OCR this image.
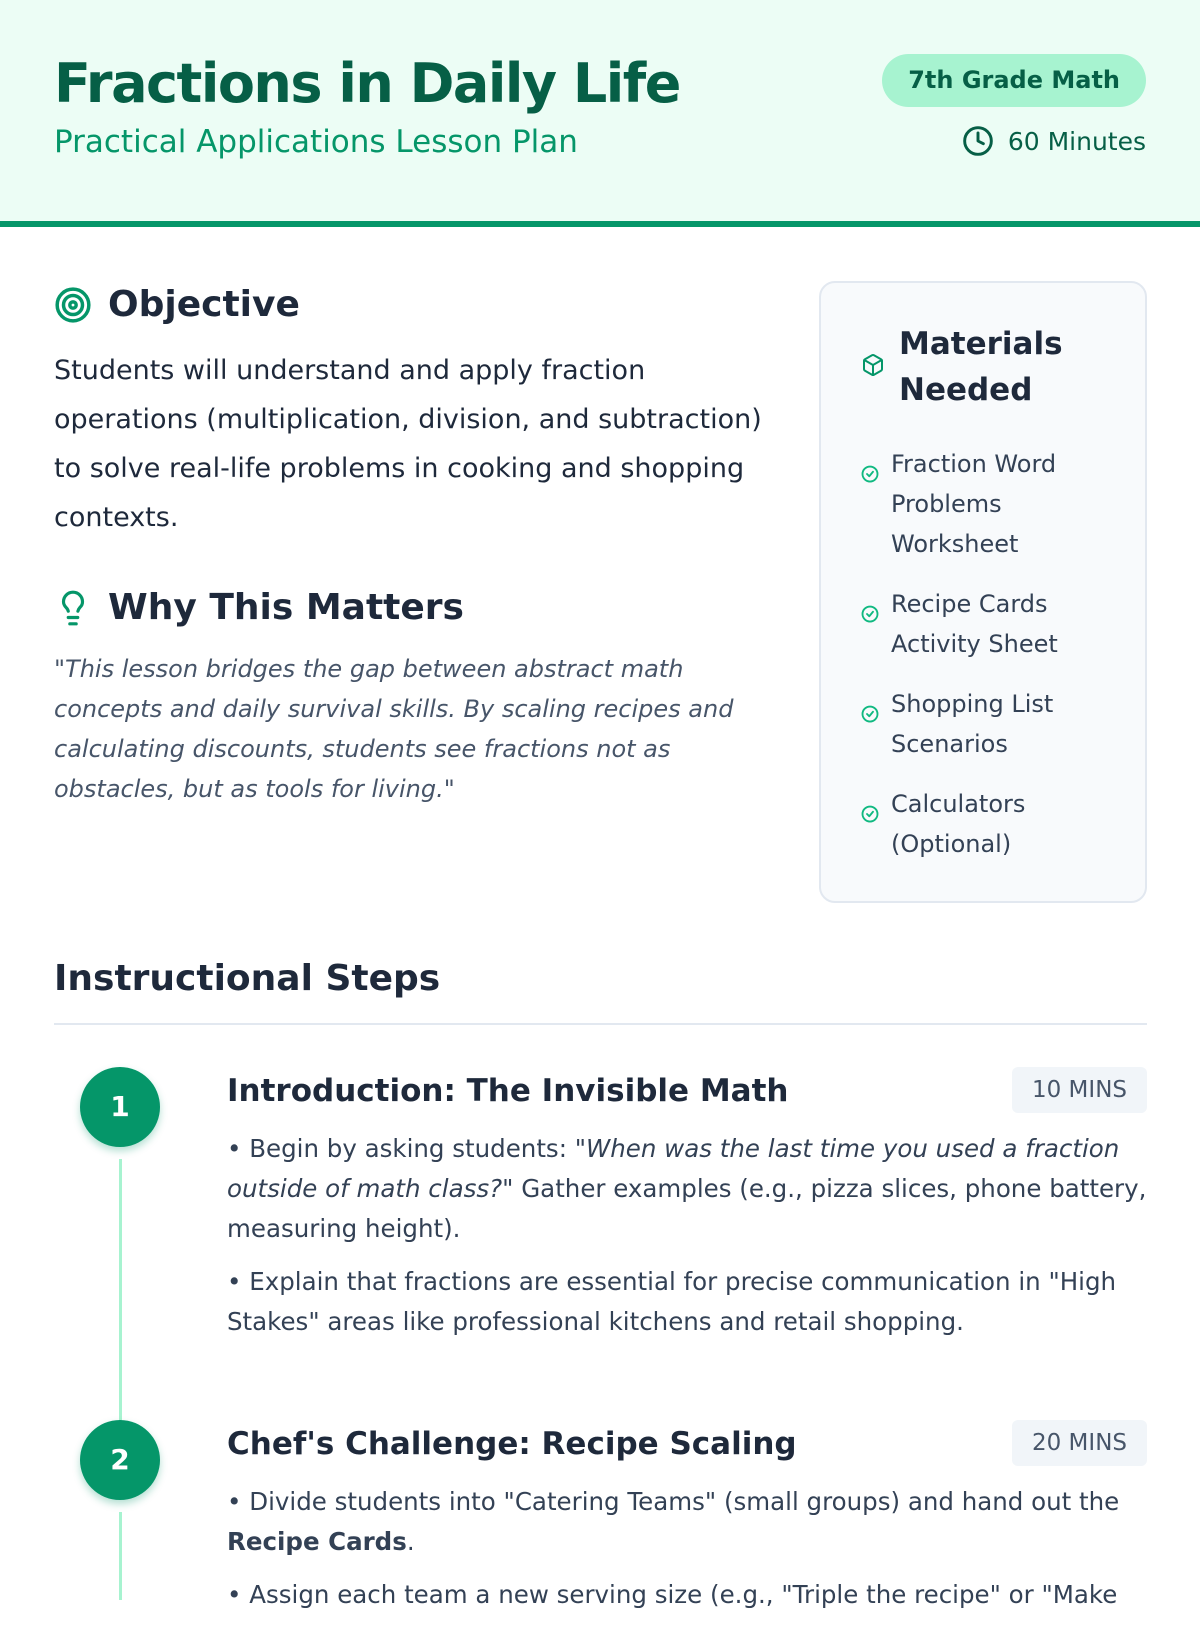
Fractions in Daily Life
Practical Applications Lesson Plan
7th Grade Math
60 Minutes
Objective
Students will understand and apply fraction operations (multiplication, division, and subtraction) to solve real-life problems in cooking and shopping contexts.
Why This Matters
"This lesson bridges the gap between abstract math concepts and daily survival skills. By scaling recipes and calculating discounts, students see fractions not as obstacles, but as tools for living."
Materials Needed
Fraction Word Problems Worksheet
Recipe Cards Activity Sheet
Shopping List Scenarios
Calculators (Optional)
Instructional Steps
1	Introduction: The Invisible Math	10 MINS

• Begin by asking students: "When was the last time you used a fraction outside of math class?" Gather examples (e.g., pizza slices, phone battery, measuring height).

• Explain that fractions are essential for precise communication in "High Stakes" areas like professional kitchens and retail shopping.

2	Chef's Challenge: Recipe Scaling	20 MINS

• Divide students into "Catering Teams" (small groups) and hand out the Recipe Cards.

• Assign each team a new serving size (e.g., "Triple the recipe" or "Make
